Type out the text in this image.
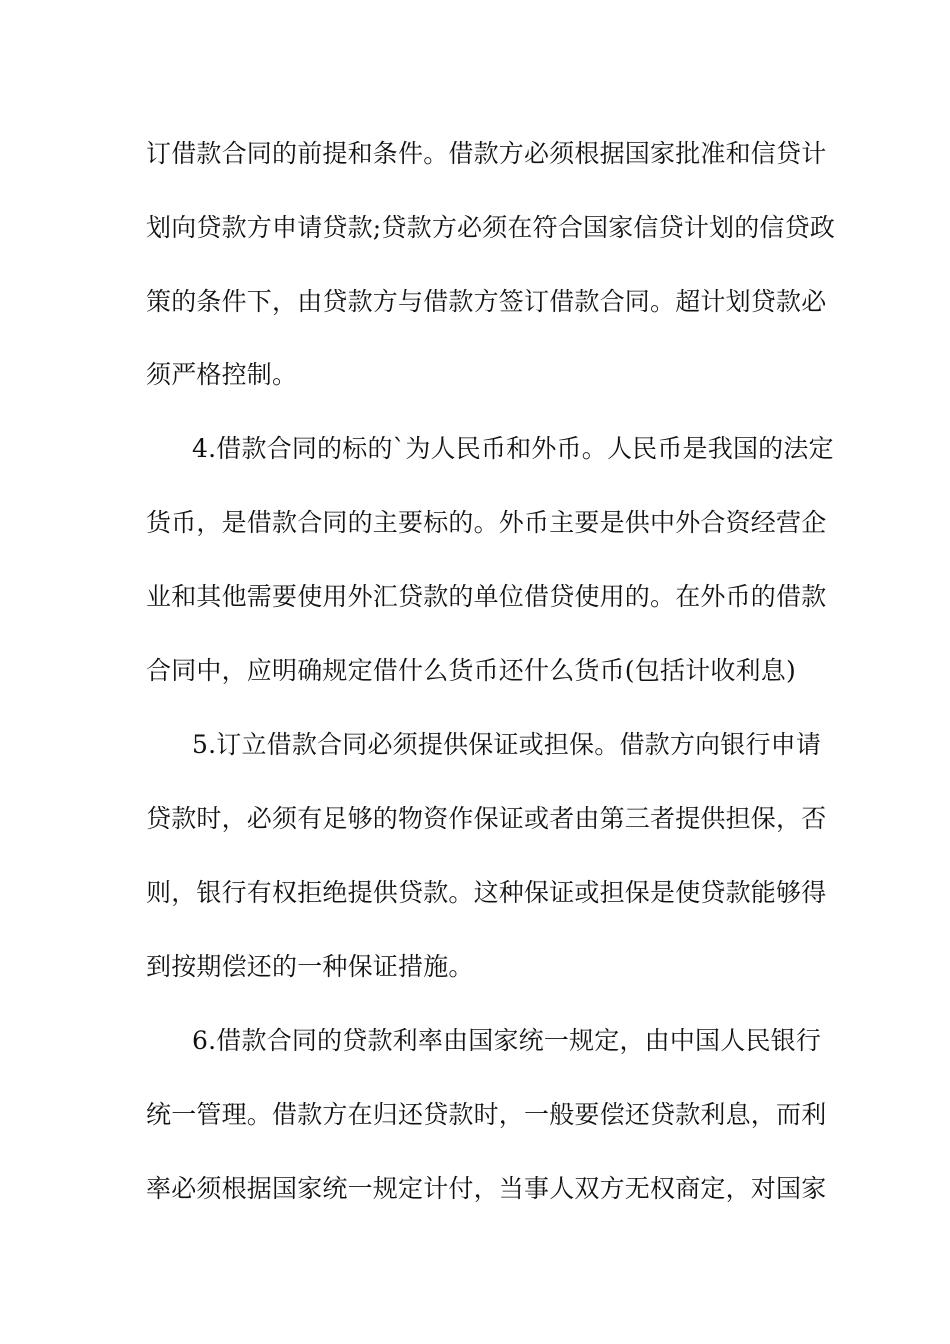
订借款合同的前提和条件。借款方必须根据国家批准和信贷计
划向贷款方申请贷款;贷款方必须在符合国家信贷计划的信贷政
策的条件下，由贷款方与借款方签订借款合同。超计划贷款必
须严格控制。
4.借款合同的标的`为人民币和外币。人民币是我国的法定
货币，是借款合同的主要标的。外币主要是供中外合资经营企
业和其他需要使用外汇贷款的单位借贷使用的。在外币的借款
合同中，应明确规定借什么货币还什么货币(包括计收利息)
5.订立借款合同必须提供保证或担保。借款方向银行申请
贷款时，必须有足够的物资作保证或者由第三者提供担保，否
则，银行有权拒绝提供贷款。这种保证或担保是使贷款能够得
到按期偿还的一种保证措施。
6.借款合同的贷款利率由国家统一规定，由中国人民银行
统一管理。借款方在归还贷款时，一般要偿还贷款利息，而利
率必须根据国家统一规定计付，当事人双方无权商定，对国家
